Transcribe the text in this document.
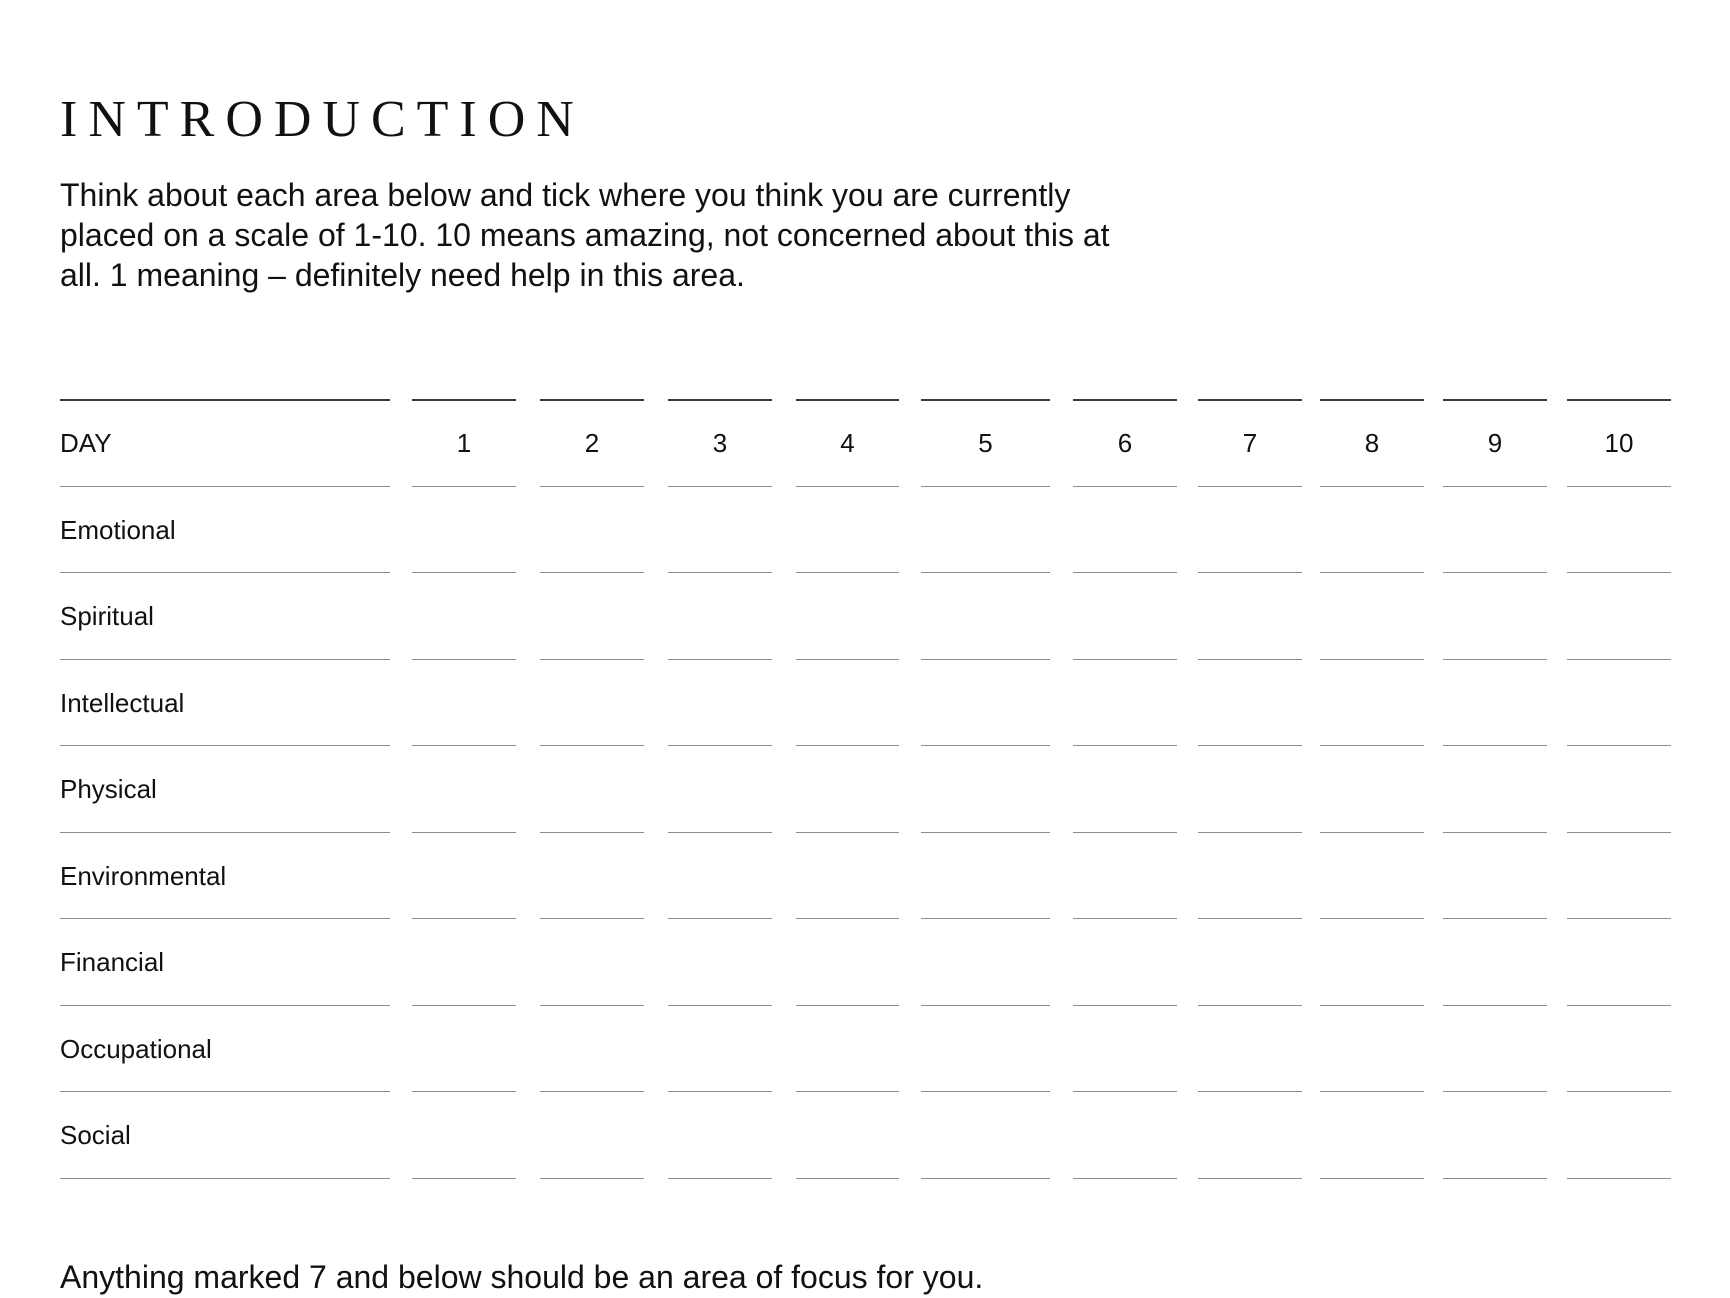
INTRODUCTION

Think about each area below and tick where you think you are currently placed on a scale of 1-10. 10 means amazing, not concerned about this at all. 1 meaning – definitely need help in this area.

DAY	1	2	3	4	5	6	7	8	9	10
Emotional
Spiritual
Intellectual
Physical
Environmental
Financial
Occupational
Social

Anything marked 7 and below should be an area of focus for you.
